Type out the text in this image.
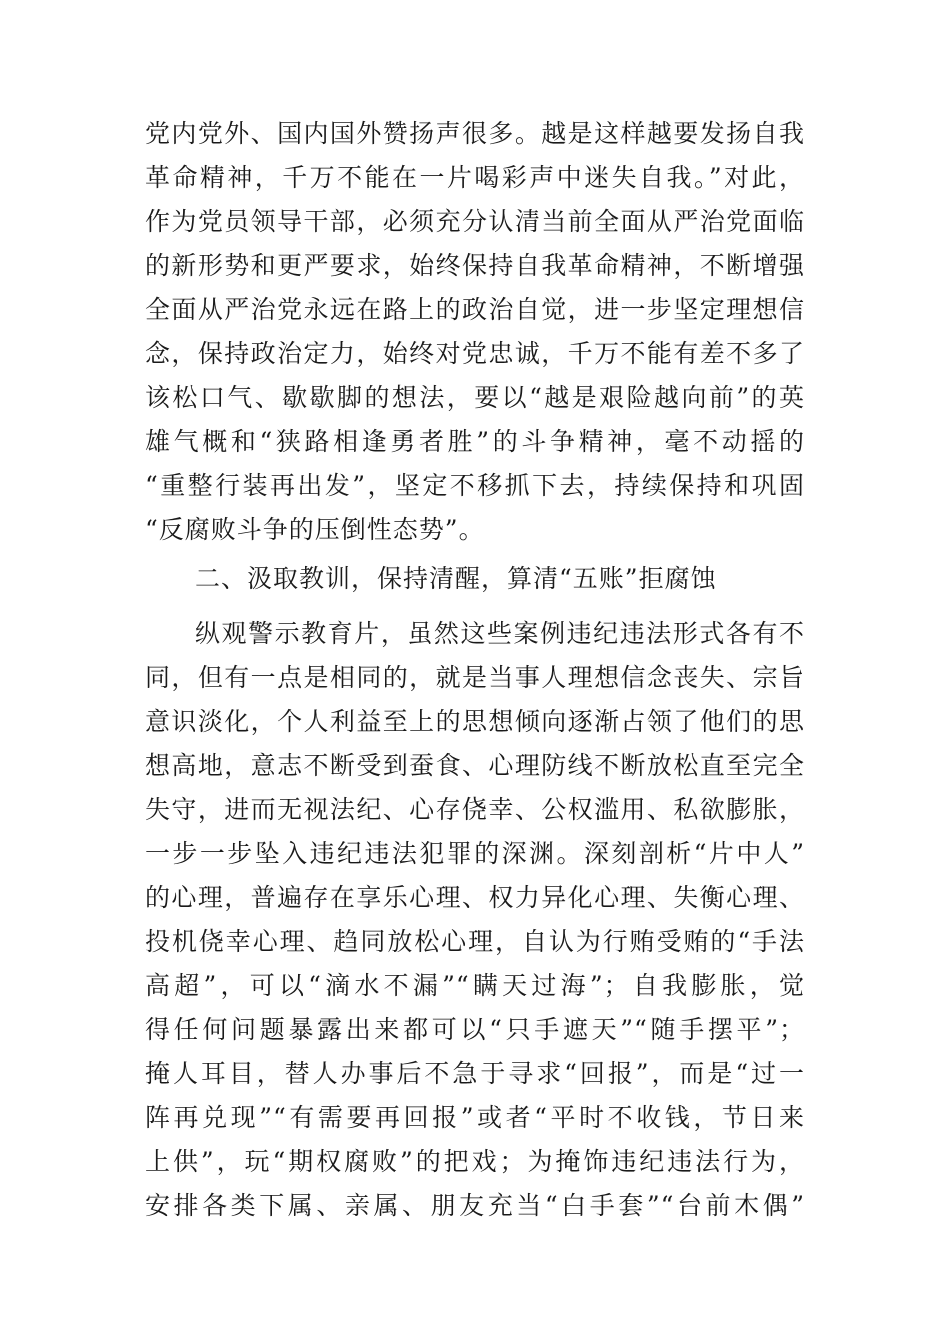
党内党外、国内国外赞扬声很多。越是这样越要发扬自我
革命精神，千万不能在一片喝彩声中迷失自我。”对此，
作为党员领导干部，必须充分认清当前全面从严治党面临
的新形势和更严要求，始终保持自我革命精神，不断增强
全面从严治党永远在路上的政治自觉，进一步坚定理想信
念，保持政治定力，始终对党忠诚，千万不能有差不多了
该松口气、歇歇脚的想法，要以“越是艰险越向前”的英
雄气概和“狭路相逢勇者胜”的斗争精神，毫不动摇的
“重整行装再出发”，坚定不移抓下去，持续保持和巩固
“反腐败斗争的压倒性态势”。
二、汲取教训，保持清醒，算清“五账”拒腐蚀
纵观警示教育片，虽然这些案例违纪违法形式各有不
同，但有一点是相同的，就是当事人理想信念丧失、宗旨
意识淡化，个人利益至上的思想倾向逐渐占领了他们的思
想高地，意志不断受到蚕食、心理防线不断放松直至完全
失守，进而无视法纪、心存侥幸、公权滥用、私欲膨胀，
一步一步坠入违纪违法犯罪的深渊。深刻剖析“片中人”
的心理，普遍存在享乐心理、权力异化心理、失衡心理、
投机侥幸心理、趋同放松心理，自认为行贿受贿的“手法
高超”，可以“滴水不漏”“瞒天过海”；自我膨胀，觉
得任何问题暴露出来都可以“只手遮天”“随手摆平”；
掩人耳目，替人办事后不急于寻求“回报”，而是“过一
阵再兑现”“有需要再回报”或者“平时不收钱，节日来
上供”，玩“期权腐败”的把戏；为掩饰违纪违法行为，
安排各类下属、亲属、朋友充当“白手套”“台前木偶”
